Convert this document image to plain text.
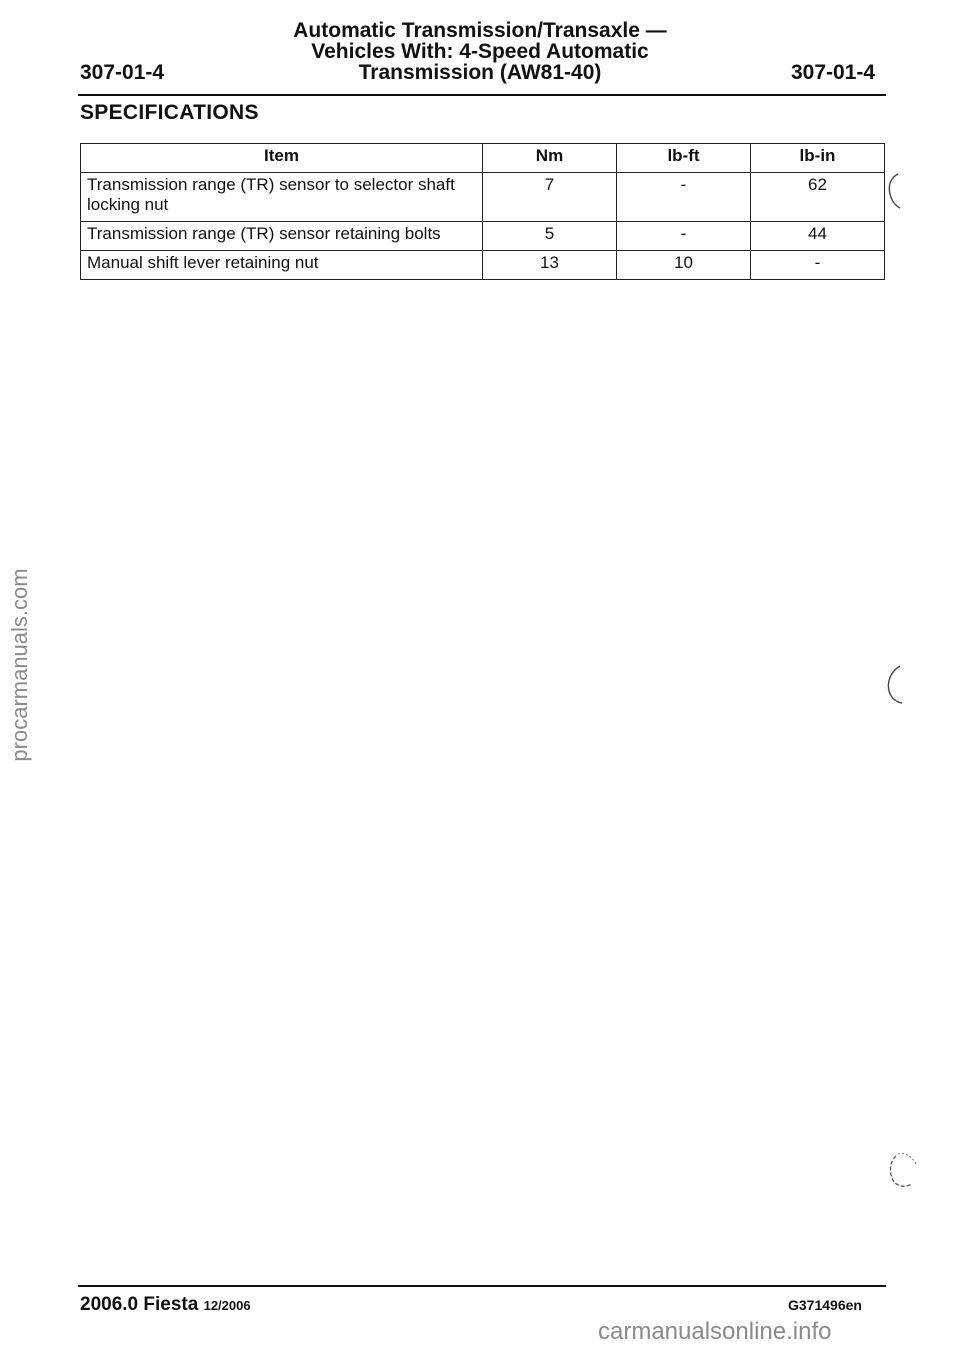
Automatic Transmission/Transaxle —
Vehicles With: 4-Speed Automatic
Transmission (AW81-40)
307-01-4	307-01-4
SPECIFICATIONS
Item	Nm	lb-ft	lb-in
Transmission range (TR) sensor to selector shaft locking nut	7	-	62
Transmission range (TR) sensor retaining bolts	5	-	44
Manual shift lever retaining nut	13	10	-
procarmanuals.com
2006.0 Fiesta 12/2006	G371496en
carmanualsonline.info
